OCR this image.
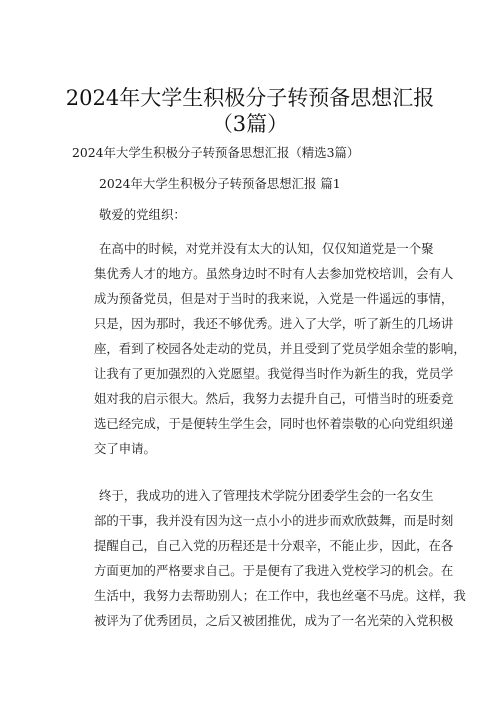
2024年大学生积极分子转预备思想汇报
（3篇）

2024年大学生积极分子转预备思想汇报（精选3篇）

2024年大学生积极分子转预备思想汇报 篇1

敬爱的党组织：

在高中的时候，对党并没有太大的认知，仅仅知道党是一个聚

集优秀人才的地方。虽然身边时不时有人去参加党校培训，会有人

成为预备党员，但是对于当时的我来说，入党是一件遥远的事情，

只是，因为那时，我还不够优秀。进入了大学，听了新生的几场讲

座，看到了校园各处走动的党员，并且受到了党员学姐余莹的影响，

让我有了更加强烈的入党愿望。我觉得当时作为新生的我，党员学

姐对我的启示很大。然后，我努力去提升自己，可惜当时的班委竞

选已经完成，于是便转生学生会，同时也怀着崇敬的心向党组织递

交了申请。

终于，我成功的进入了管理技术学院分团委学生会的一名女生

部的干事，我并没有因为这一点小小的进步而欢欣鼓舞，而是时刻

提醒自己，自己入党的历程还是十分艰辛，不能止步，因此，在各

方面更加的严格要求自己。于是便有了我进入党校学习的机会。在

生活中，我努力去帮助别人；在工作中，我也丝毫不马虎。这样，我

被评为了优秀团员，之后又被团推优，成为了一名光荣的入党积极
